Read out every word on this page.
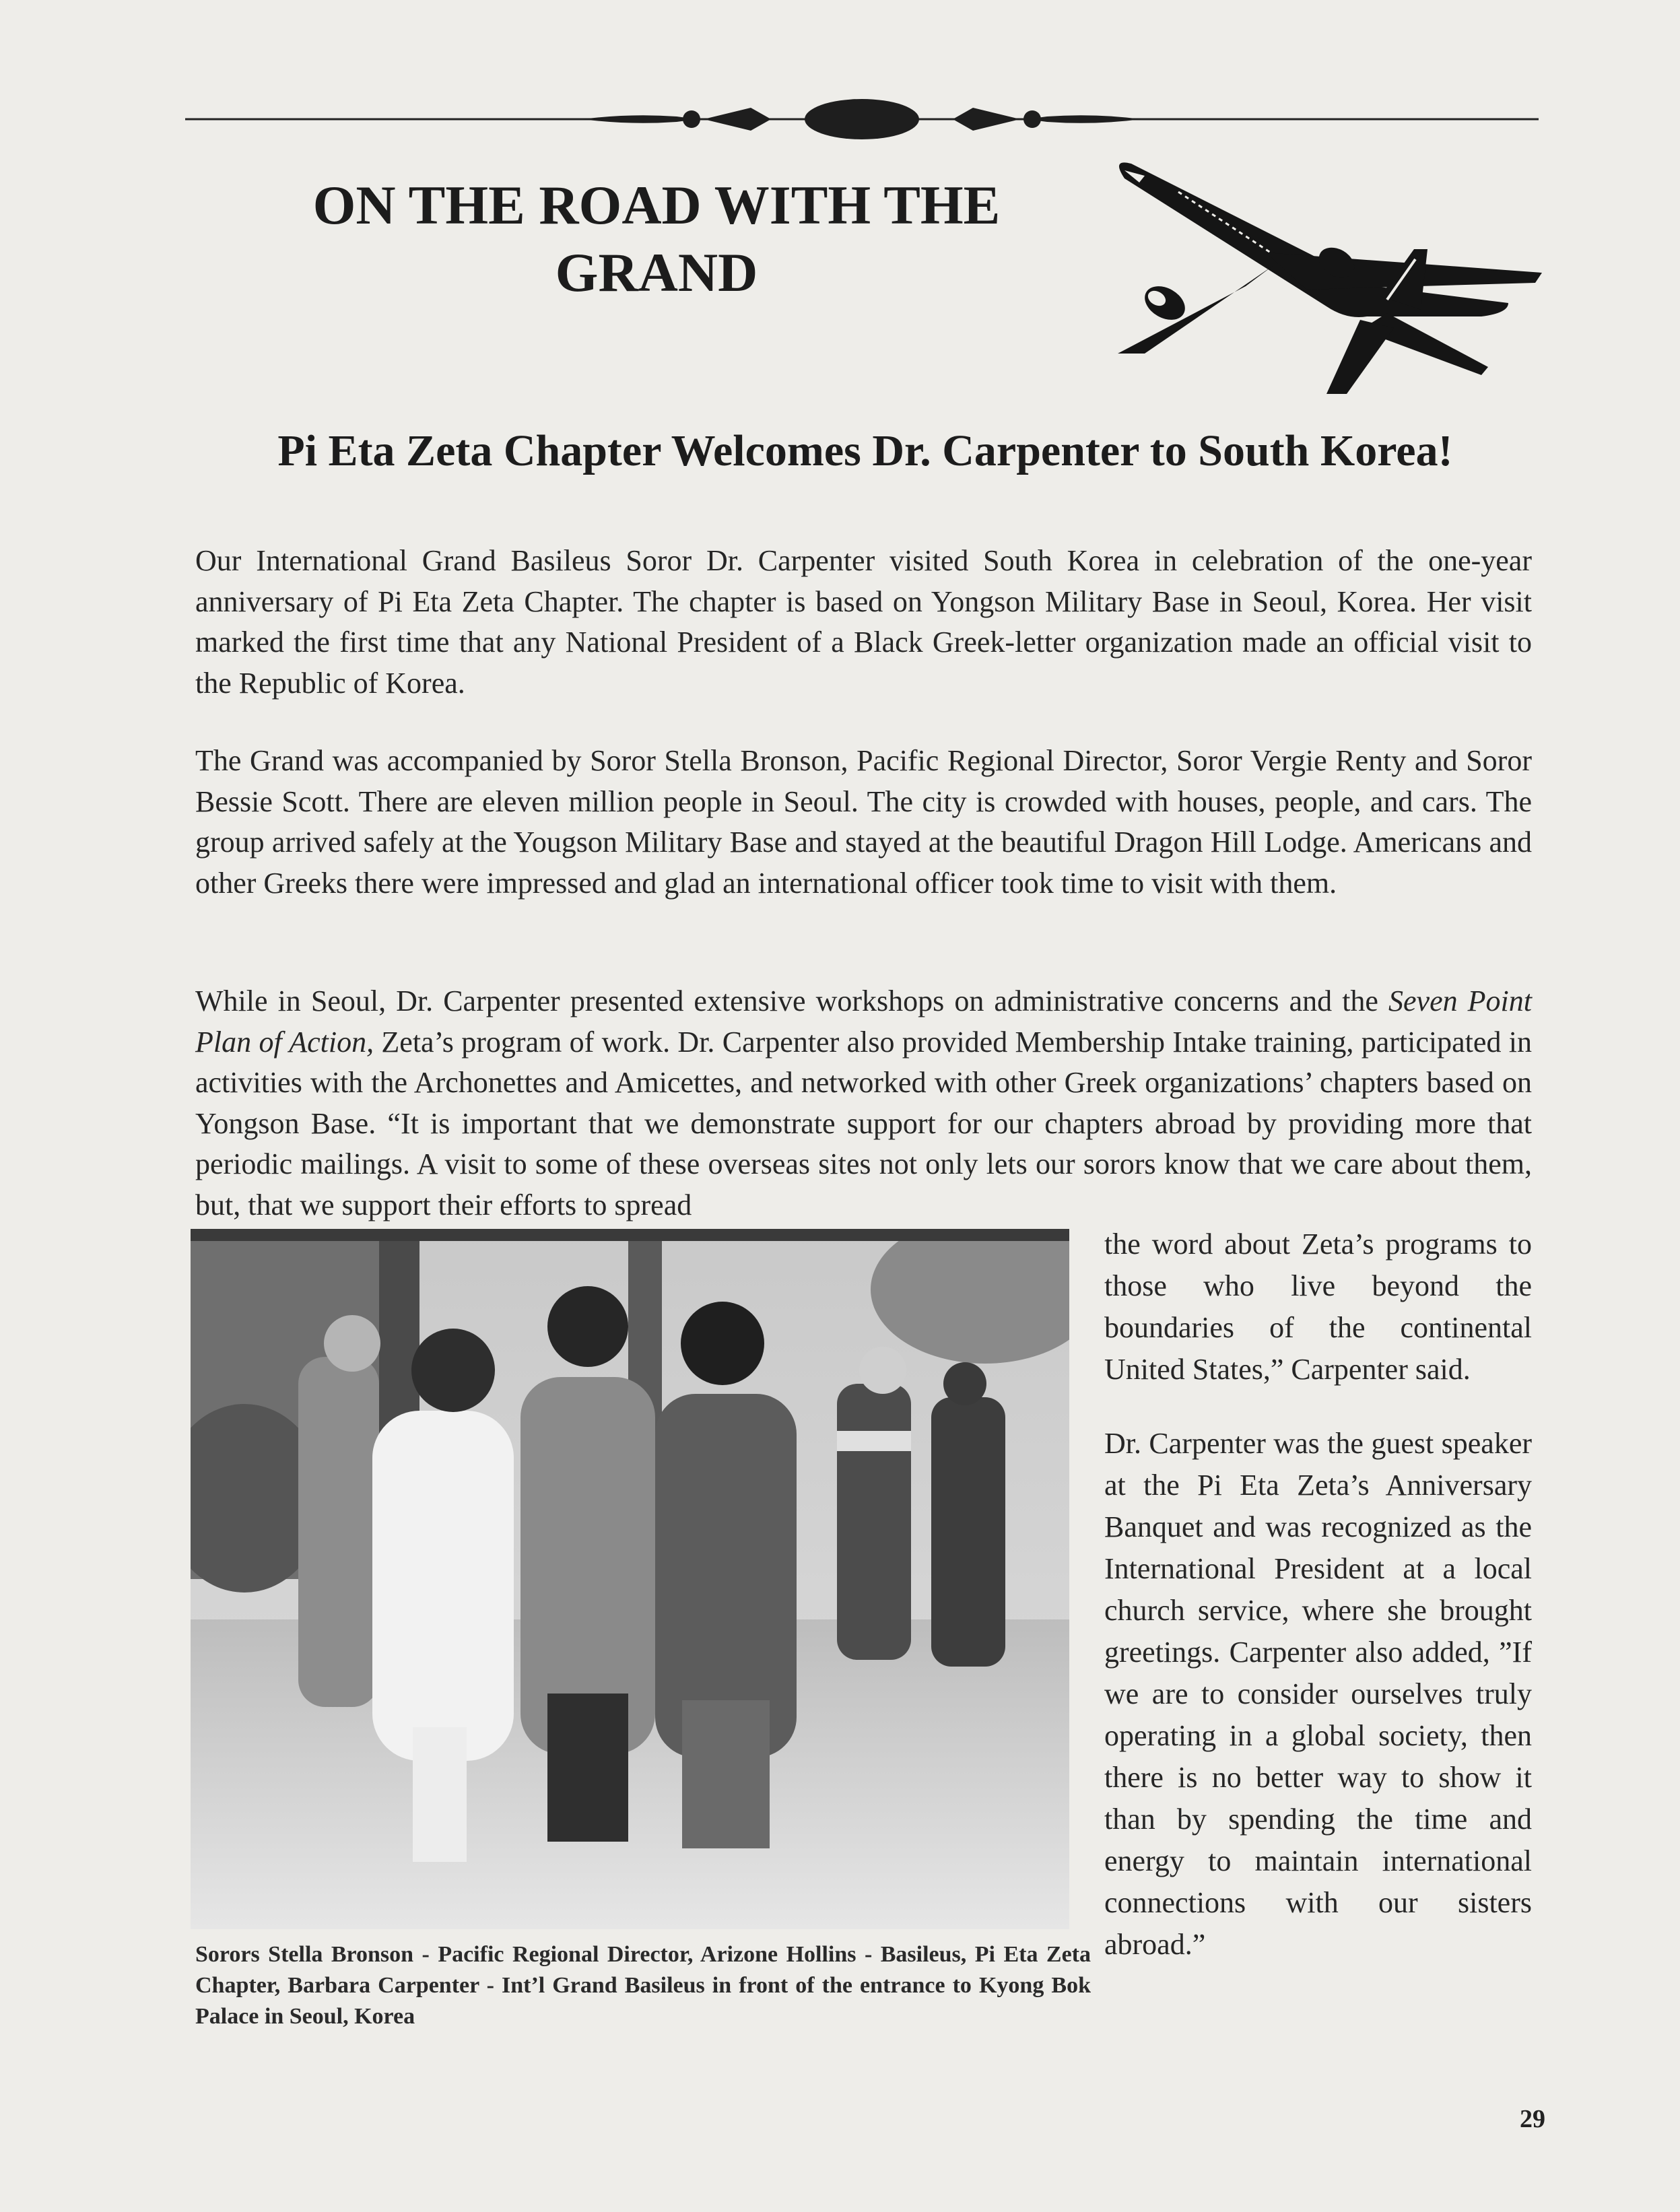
ON THE ROAD WITH THE GRAND
Pi Eta Zeta Chapter Welcomes Dr. Carpenter to South Korea!

Our International Grand Basileus Soror Dr. Carpenter visited South Korea in celebration of the one-year anniversary of Pi Eta Zeta Chapter. The chapter is based on Yongson Military Base in Seoul, Korea. Her visit marked the first time that any National President of a Black Greek-letter organization made an official visit to the Republic of Korea.

The Grand was accompanied by Soror Stella Bronson, Pacific Regional Director, Soror Vergie Renty and Soror Bessie Scott. There are eleven million people in Seoul. The city is crowded with houses, people, and cars. The group arrived safely at the Yougson Military Base and stayed at the beautiful Dragon Hill Lodge. Americans and other Greeks there were impressed and glad an international officer took time to visit with them.

While in Seoul, Dr. Carpenter presented extensive workshops on administrative concerns and the Seven Point Plan of Action, Zeta’s program of work. Dr. Carpenter also provided Membership Intake training, participated in activities with the Archonettes and Amicettes, and networked with other Greek organizations’ chapters based on Yongson Base. “It is important that we demonstrate support for our chapters abroad by providing more that periodic mailings. A visit to some of these overseas sites not only lets our sorors know that we care about them, but, that we support their efforts to spread

the word about Zeta’s programs to those who live beyond the boundaries of the continental United States,” Carpenter said.

Dr. Carpenter was the guest speaker at the Pi Eta Zeta’s Anniversary Banquet and was recognized as the International President at a local church service, where she brought greetings. Carpenter also added, ”If we are to consider ourselves truly operating in a global society, then there is no better way to show it than by spending the time and energy to maintain international connections with our sisters abroad.”

Sorors Stella Bronson - Pacific Regional Director, Arizone Hollins - Basileus, Pi Eta Zeta Chapter, Barbara Carpenter - Int’l Grand Basileus in front of the entrance to Kyong Bok Palace in Seoul, Korea

29
